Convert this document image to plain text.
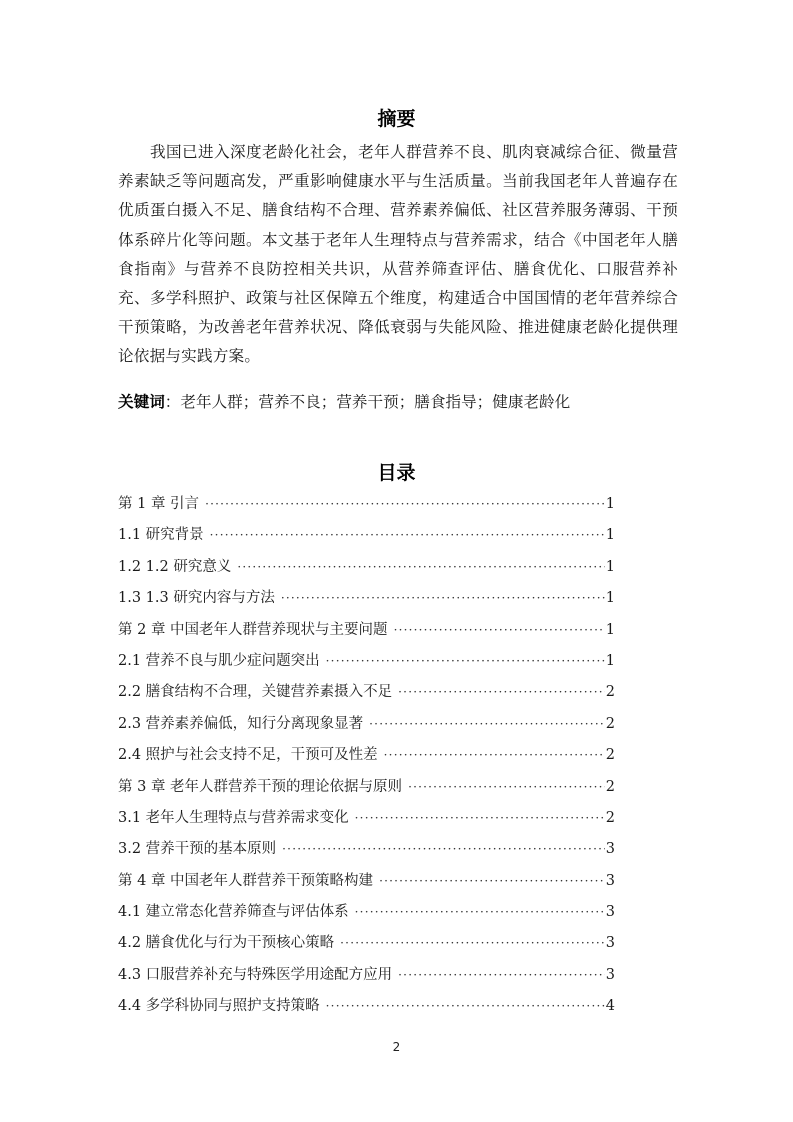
摘要

我国已进入深度老龄化社会，老年人群营养不良、肌肉衰减综合征、微量营养素缺乏等问题高发，严重影响健康水平与生活质量。当前我国老年人普遍存在优质蛋白摄入不足、膳食结构不合理、营养素养偏低、社区营养服务薄弱、干预体系碎片化等问题。本文基于老年人生理特点与营养需求，结合《中国老年人膳食指南》与营养不良防控相关共识，从营养筛查评估、膳食优化、口服营养补充、多学科照护、政策与社区保障五个维度，构建适合中国国情的老年营养综合干预策略，为改善老年营养状况、降低衰弱与失能风险、推进健康老龄化提供理论依据与实践方案。

关键词：老年人群；营养不良；营养干预；膳食指导；健康老龄化
目录
第 1 章 引言 ·····	1
1.1 研究背景 ·····	1
1.2 1.2 研究意义 ·····	1
1.3 1.3 研究内容与方法 ·····	1
第 2 章 中国老年人群营养现状与主要问题 ·····	1
2.1 营养不良与肌少症问题突出 ·····	1
2.2 膳食结构不合理，关键营养素摄入不足 ·····	2
2.3 营养素养偏低，知行分离现象显著 ·····	2
2.4 照护与社会支持不足，干预可及性差 ·····	2
第 3 章 老年人群营养干预的理论依据与原则 ·····	2
3.1 老年人生理特点与营养需求变化 ·····	2
3.2 营养干预的基本原则 ·····	3
第 4 章 中国老年人群营养干预策略构建 ·····	3
4.1 建立常态化营养筛查与评估体系 ·····	3
4.2 膳食优化与行为干预核心策略 ·····	3
4.3 口服营养补充与特殊医学用途配方应用 ·····	3
4.4 多学科协同与照护支持策略 ·····	4
2
